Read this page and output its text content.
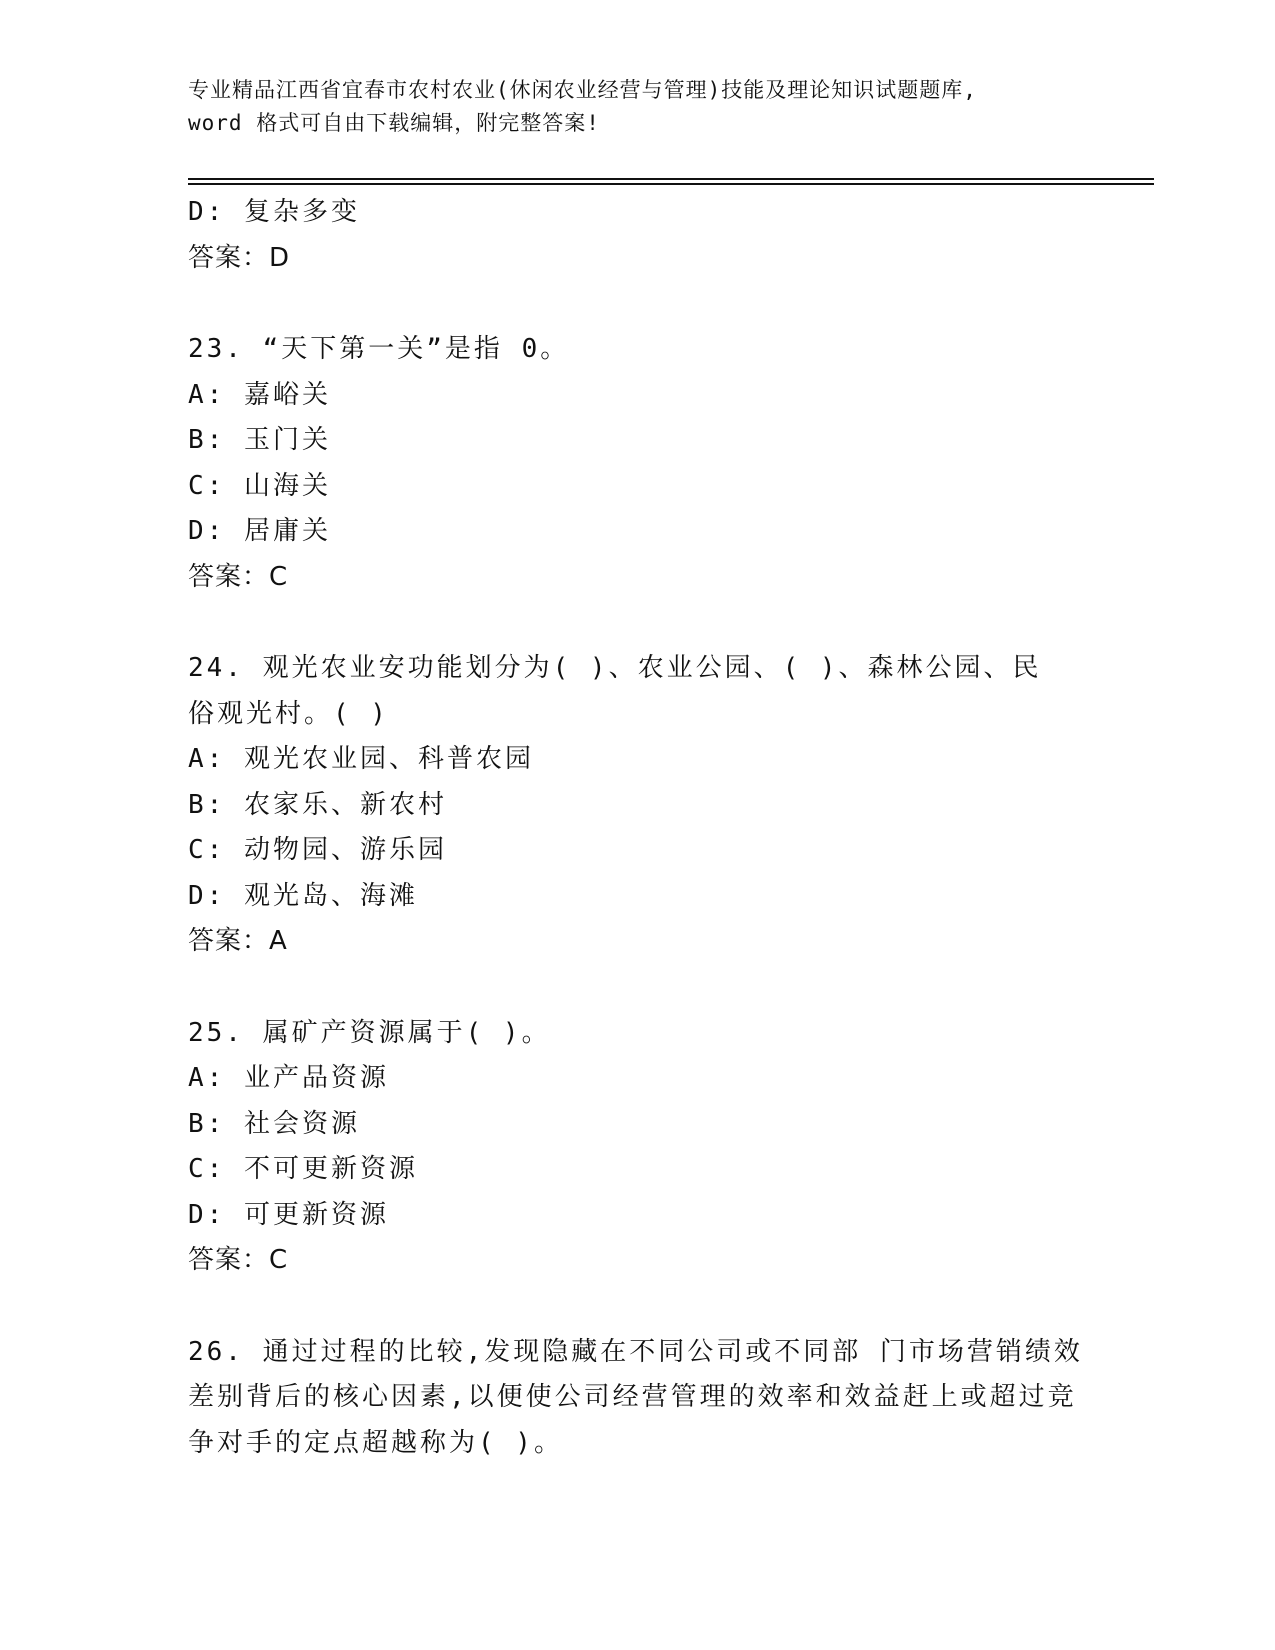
专业精品江西省宜春市农村农业(休闲农业经营与管理)技能及理论知识试题题库,
word 格式可自由下载编辑，附完整答案!
D: 复杂多变
答案：D
23. “天下第一关”是指 0。
A: 嘉峪关
B: 玉门关
C: 山海关
D: 居庸关
答案：C
24. 观光农业安功能划分为( )、农业公园、( )、森林公园、民
俗观光村。( )
A: 观光农业园、科普农园
B: 农家乐、新农村
C: 动物园、游乐园
D: 观光岛、海滩
答案：A
25. 属矿产资源属于( )。
A: 业产品资源
B: 社会资源
C: 不可更新资源
D: 可更新资源
答案：C
26. 通过过程的比较,发现隐藏在不同公司或不同部 门市场营销绩效
差别背后的核心因素,以便使公司经营管理的效率和效益赶上或超过竞
争对手的定点超越称为( )。
